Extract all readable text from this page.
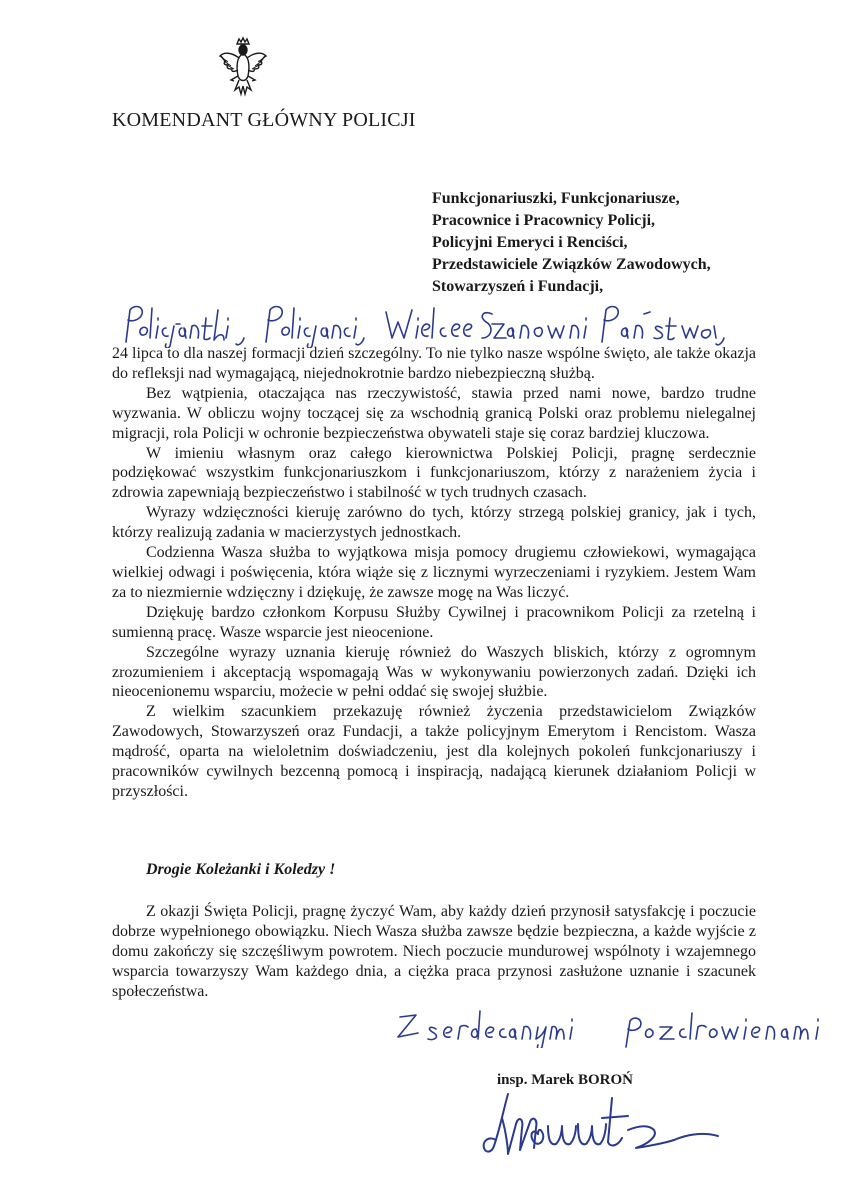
KOMENDANT GŁÓWNY POLICJI
Funkcjonariuszki, Funkcjonariusze,
Pracownice i Pracownicy Policji,
Policyjni Emeryci i Renciści,
Przedstawiciele Związków Zawodowych,
Stowarzyszeń i Fundacji,

24 lipca to dla naszej formacji dzień szczególny. To nie tylko nasze wspólne święto, ale także okazja do refleksji nad wymagającą, niejednokrotnie bardzo niebezpieczną służbą.

Bez wątpienia, otaczająca nas rzeczywistość, stawia przed nami nowe, bardzo trudne wyzwania. W obliczu wojny toczącej się za wschodnią granicą Polski oraz problemu nielegalnej migracji, rola Policji w ochronie bezpieczeństwa obywateli staje się coraz bardziej kluczowa.

W imieniu własnym oraz całego kierownictwa Polskiej Policji, pragnę serdecznie podziękować wszystkim funkcjonariuszkom i funkcjonariuszom, którzy z narażeniem życia i zdrowia zapewniają bezpieczeństwo i stabilność w tych trudnych czasach.

Wyrazy wdzięczności kieruję zarówno do tych, którzy strzegą polskiej granicy, jak i tych, którzy realizują zadania w macierzystych jednostkach.

Codzienna Wasza służba to wyjątkowa misja pomocy drugiemu człowiekowi, wymagająca wielkiej odwagi i poświęcenia, która wiąże się z licznymi wyrzeczeniami i ryzykiem. Jestem Wam za to niezmiernie wdzięczny i dziękuję, że zawsze mogę na Was liczyć.

Dziękuję bardzo członkom Korpusu Służby Cywilnej i pracownikom Policji za rzetelną i sumienną pracę. Wasze wsparcie jest nieocenione.

Szczególne wyrazy uznania kieruję również do Waszych bliskich, którzy z ogromnym zrozumieniem i akceptacją wspomagają Was w wykonywaniu powierzonych zadań. Dzięki ich nieocenionemu wsparciu, możecie w pełni oddać się swojej służbie.

Z wielkim szacunkiem przekazuję również życzenia przedstawicielom Związków Zawodowych, Stowarzyszeń oraz Fundacji, a także policyjnym Emerytom i Rencistom. Wasza mądrość, oparta na wieloletnim doświadczeniu, jest dla kolejnych pokoleń funkcjonariuszy i pracowników cywilnych bezcenną pomocą i inspiracją, nadającą kierunek działaniom Policji w przyszłości.

Drogie Koleżanki i Koledzy !

Z okazji Święta Policji, pragnę życzyć Wam, aby każdy dzień przynosił satysfakcję i poczucie dobrze wypełnionego obowiązku. Niech Wasza służba zawsze będzie bezpieczna, a każde wyjście z domu zakończy się szczęśliwym powrotem. Niech poczucie mundurowej wspólnoty i wzajemnego wsparcia towarzyszy Wam każdego dnia, a ciężka praca przynosi zasłużone uznanie i szacunek społeczeństwa.

insp. Marek BOROŃ
